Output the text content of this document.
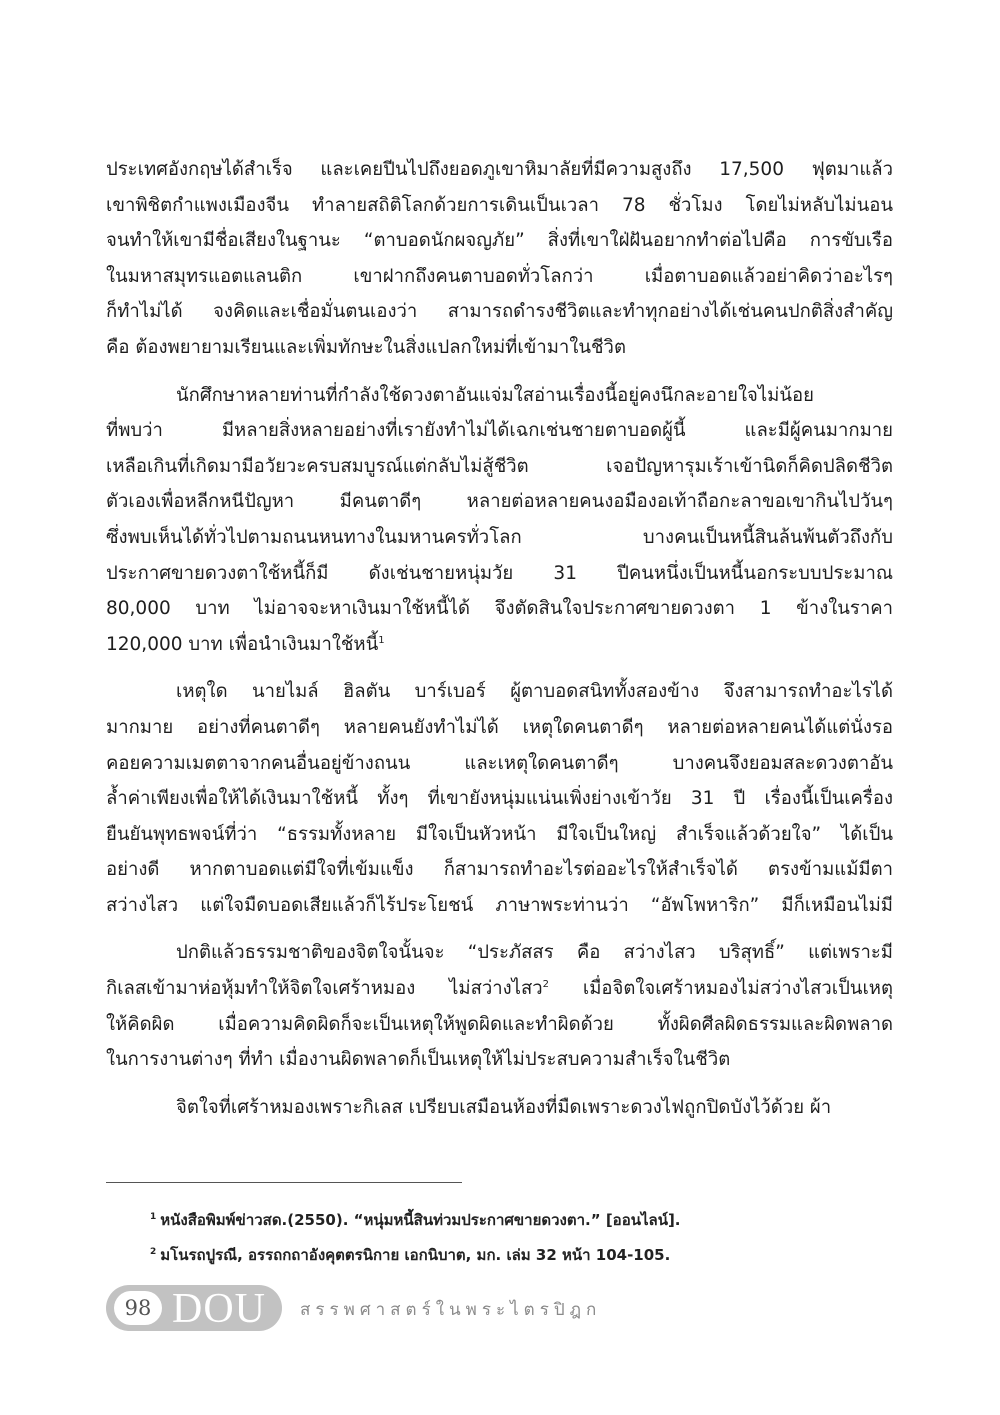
ประเทศอังกฤษได้สำเร็จ และเคยปีนไปถึงยอดภูเขาหิมาลัยที่มีความสูงถึง 17,500 ฟุตมาแล้ว
เขาพิชิตกำแพงเมืองจีน ทำลายสถิติโลกด้วยการเดินเป็นเวลา 78 ชั่วโมง โดยไม่หลับไม่นอน
จนทำให้เขามีชื่อเสียงในฐานะ “ตาบอดนักผจญภัย” สิ่งที่เขาใฝ่ฝันอยากทำต่อไปคือ การขับเรือ
ในมหาสมุทรแอตแลนติก เขาฝากถึงคนตาบอดทั่วโลกว่า เมื่อตาบอดแล้วอย่าคิดว่าอะไรๆ
ก็ทำไม่ได้ จงคิดและเชื่อมั่นตนเองว่า สามารถดำรงชีวิตและทำทุกอย่างได้เช่นคนปกติสิ่งสำคัญ
คือ ต้องพยายามเรียนและเพิ่มทักษะในสิ่งแปลกใหม่ที่เข้ามาในชีวิต
นักศึกษาหลายท่านที่กำลังใช้ดวงตาอันแจ่มใสอ่านเรื่องนี้อยู่คงนึกละอายใจไม่น้อย
ที่พบว่า มีหลายสิ่งหลายอย่างที่เรายังทำไม่ได้เฉกเช่นชายตาบอดผู้นี้ และมีผู้คนมากมาย
เหลือเกินที่เกิดมามีอวัยวะครบสมบูรณ์แต่กลับไม่สู้ชีวิต เจอปัญหารุมเร้าเข้านิดก็คิดปลิดชีวิต
ตัวเองเพื่อหลีกหนีปัญหา มีคนตาดีๆ หลายต่อหลายคนงอมืองอเท้าถือกะลาขอเขากินไปวันๆ
ซึ่งพบเห็นได้ทั่วไปตามถนนหนทางในมหานครทั่วโลก บางคนเป็นหนี้สินล้นพ้นตัวถึงกับ
ประกาศขายดวงตาใช้หนี้ก็มี ดังเช่นชายหนุ่มวัย 31 ปีคนหนึ่งเป็นหนี้นอกระบบประมาณ
80,000 บาท ไม่อาจจะหาเงินมาใช้หนี้ได้ จึงตัดสินใจประกาศขายดวงตา 1 ข้างในราคา
120,000 บาท เพื่อนำเงินมาใช้หนี้$^1$
เหตุใด นายไมล์ ฮิลตัน บาร์เบอร์ ผู้ตาบอดสนิททั้งสองข้าง จึงสามารถทำอะไรได้
มากมาย อย่างที่คนตาดีๆ หลายคนยังทำไม่ได้ เหตุใดคนตาดีๆ หลายต่อหลายคนได้แต่นั่งรอ
คอยความเมตตาจากคนอื่นอยู่ข้างถนน และเหตุใดคนตาดีๆ บางคนจึงยอมสละดวงตาอัน
ล้ำค่าเพียงเพื่อให้ได้เงินมาใช้หนี้ ทั้งๆ ที่เขายังหนุ่มแน่นเพิ่งย่างเข้าวัย 31 ปี เรื่องนี้เป็นเครื่อง
ยืนยันพุทธพจน์ที่ว่า “ธรรมทั้งหลาย มีใจเป็นหัวหน้า มีใจเป็นใหญ่ สำเร็จแล้วด้วยใจ” ได้เป็น
อย่างดี หากตาบอดแต่มีใจที่เข้มแข็ง ก็สามารถทำอะไรต่ออะไรให้สำเร็จได้ ตรงข้ามแม้มีตา
สว่างไสว แต่ใจมืดบอดเสียแล้วก็ไร้ประโยชน์ ภาษาพระท่านว่า “อัพโพหาริก” มีก็เหมือนไม่มี
ปกติแล้วธรรมชาติของจิตใจนั้นจะ “ประภัสสร คือ สว่างไสว บริสุทธิ์” แต่เพราะมี
กิเลสเข้ามาห่อหุ้มทำให้จิตใจเศร้าหมอง ไม่สว่างไสว$^2$ เมื่อจิตใจเศร้าหมองไม่สว่างไสวเป็นเหตุ
ให้คิดผิด เมื่อความคิดผิดก็จะเป็นเหตุให้พูดผิดและทำผิดด้วย ทั้งผิดศีลผิดธรรมและผิดพลาด
ในการงานต่างๆ ที่ทำ เมื่องานผิดพลาดก็เป็นเหตุให้ไม่ประสบความสำเร็จในชีวิต
จิตใจที่เศร้าหมองเพราะกิเลส เปรียบเสมือนห้องที่มืดเพราะดวงไฟถูกปิดบังไว้ด้วย ผ้า
$^1$ หนังสือพิมพ์ข่าวสด.(2550). “หนุ่มหนี้สินท่วมประกาศขายดวงตา.” [ออนไลน์].
$^2$ มโนรถปูรณี, อรรถกถาอังคุตตรนิกาย เอกนิบาต, มก. เล่ม 32 หน้า 104-105.
98 DOU สรรพศาสตร์ในพระไตรปิฎก
